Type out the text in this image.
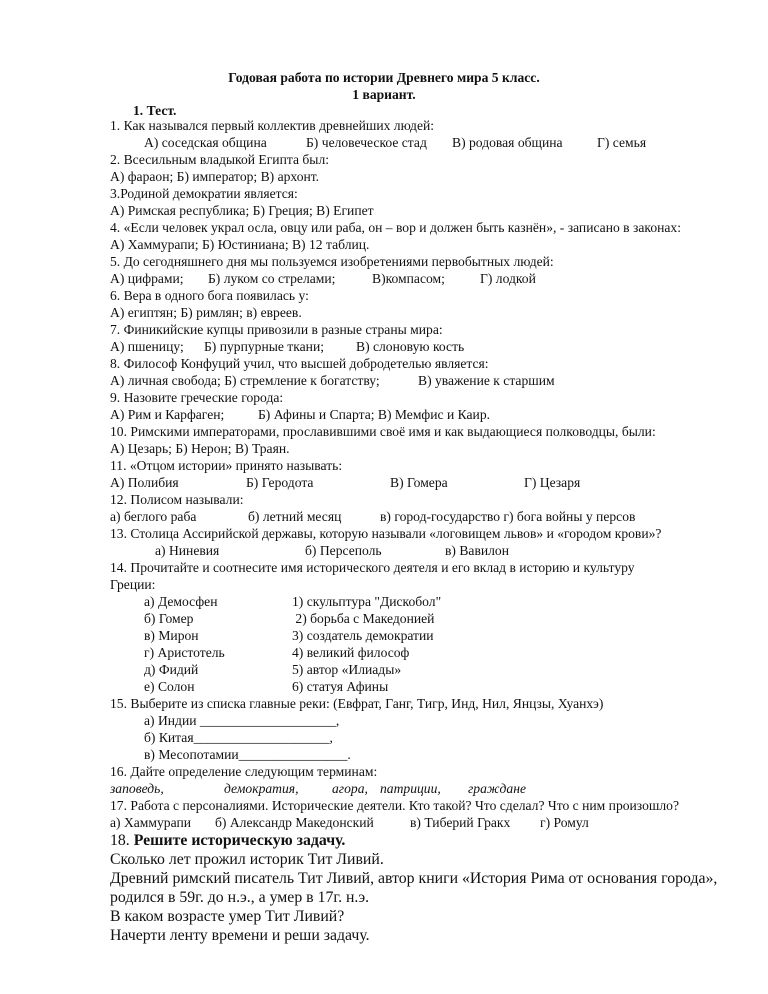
Годовая работа по истории Древнего мира 5 класс.
1 вариант.
1. Тест.
1. Как назывался первый коллектив древнейших людей:
А) соседская община	Б) человеческое стад В) родовая община	Г) семья
2. Всесильным владыкой Египта был:
А) фараон; Б) император; В) архонт.
3.Родиной демократии является:
А) Римская республика; Б) Греция; В) Египет
4. «Если человек украл осла, овцу или раба, он – вор и должен быть казнён», - записано в законах:
А) Хаммурапи; Б) Юстиниана; В) 12 таблиц.
5. До сегодняшнего дня мы пользуемся изобретениями первобытных людей:
А) цифрами; Б) луком со стрелами;	В)компасом;	Г) лодкой
6. Вера в одного бога появилась у:
А) египтян; Б) римлян; в) евреев.
7. Финикийские купцы привозили в разные страны мира:
А) пшеницу; Б) пурпурные ткани; В) слоновую кость
8. Философ Конфуций учил, что высшей добродетелью является:
А) личная свобода; Б) стремление к богатству;	В) уважение к старшим
9. Назовите греческие города:
А) Рим и Карфаген; Б) Афины и Спарта; В) Мемфис и Каир.
10. Римскими императорами, прославившими своё имя и как выдающиеся полководцы, были:
А) Цезарь; Б) Нерон; В) Траян.
11. «Отцом истории» принято называть:
А) Полибия	Б) Геродота	В) Гомера	Г) Цезаря
12. Полисом называли:
а) беглого раба	б) летний месяц	в) город-государство г) бога войны у персов
13. Столица Ассирийской державы, которую называли «логовищем львов» и «городом крови»?
а) Ниневия	б) Персеполь	в) Вавилон
14. Прочитайте и соотнесите имя исторического деятеля и его вклад в историю и культуру
Греции:
а) Демосфен	1) скульптура "Дискобол"
б) Гомер	2) борьба с Македонией
в) Мирон	3) создатель демократии
г) Аристотель	4) великий философ
д) Фидий	5) автор «Илиады»
е) Солон	6) статуя Афины
15. Выберите из списка главные реки: (Евфрат, Ганг, Тигр, Инд, Нил, Янцзы, Хуанхэ)
а) Индии ____________________,
б) Китая____________________,
в) Месопотамии________________.
16. Дайте определение следующим терминам:
заповедь,	демократия, агора, патриции, граждане
17. Работа с персоналиями. Исторические деятели. Кто такой? Что сделал? Что с ним произошло?
а) Хаммурапи б) Александр Македонский	в) Тиберий Гракх г) Ромул
18. Решите историческую задачу.
Сколько лет прожил историк Тит Ливий.
Древний римский писатель Тит Ливий, автор книги «История Рима от основания города»,
родился в 59г. до н.э., а умер в 17г. н.э.
В каком возрасте умер Тит Ливий?
Начерти ленту времени и реши задачу.
